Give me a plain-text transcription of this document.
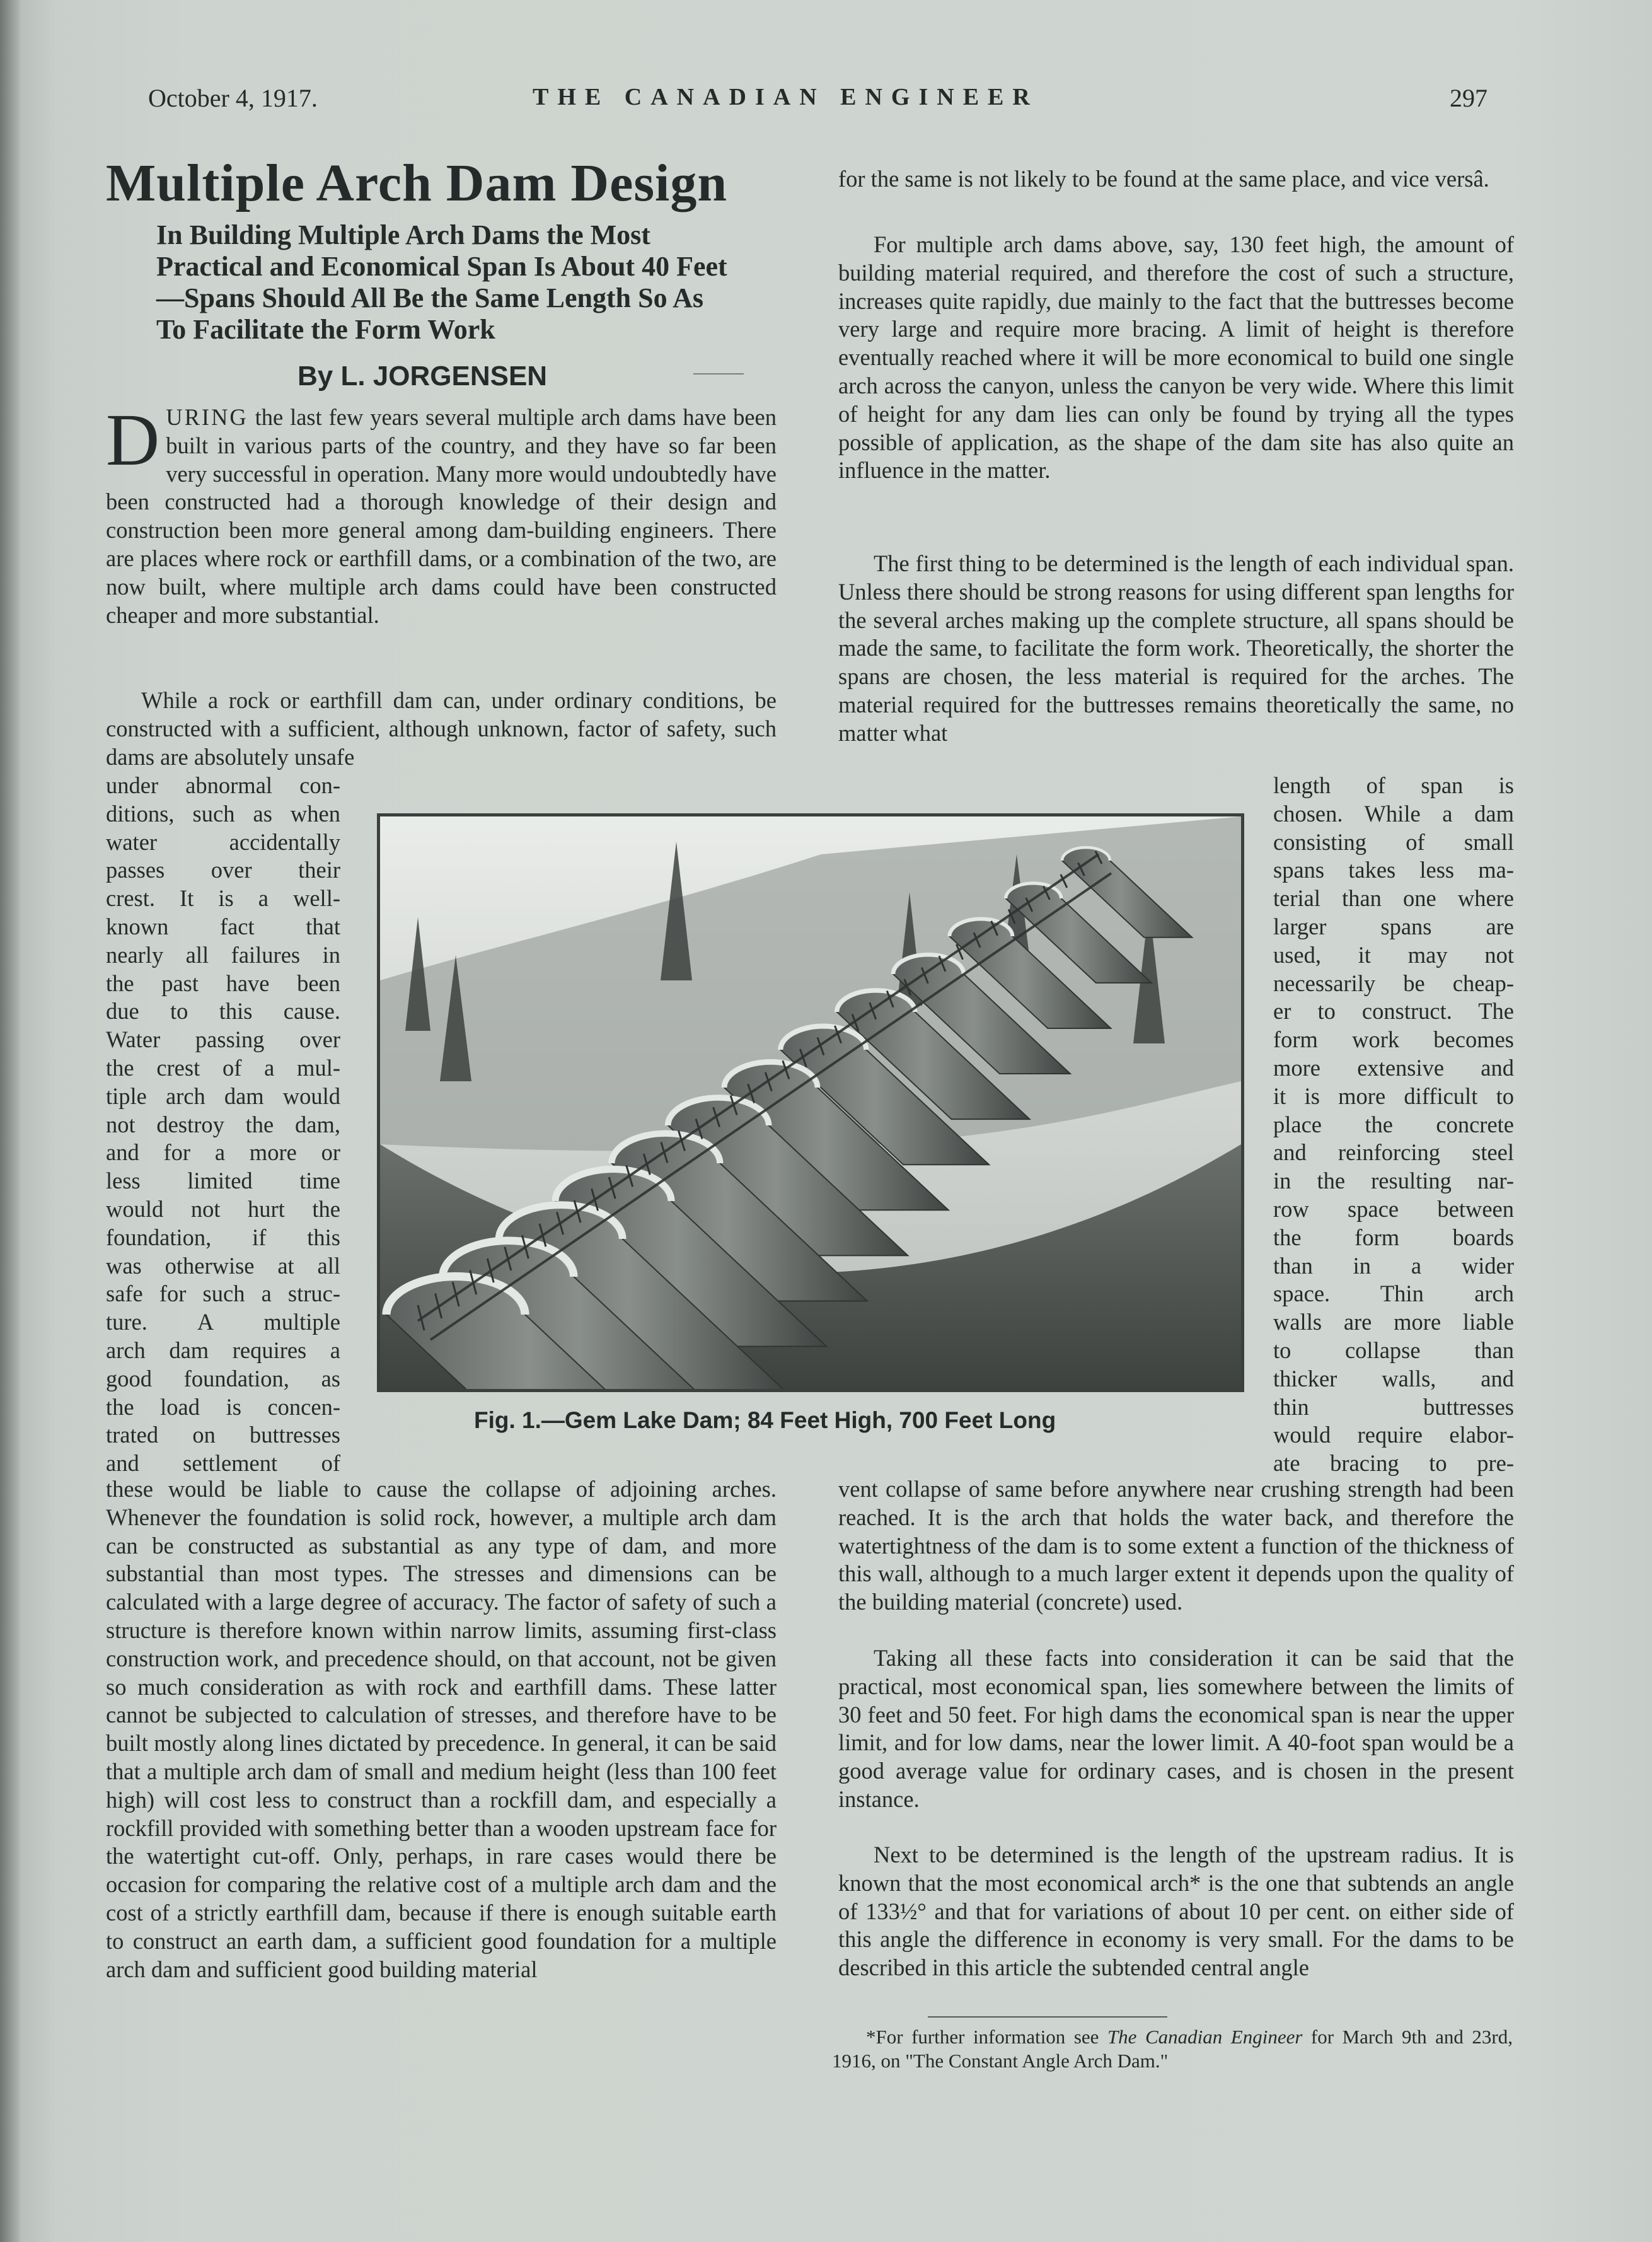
October 4, 1917.	THE CANADIAN ENGINEER	297
Multiple Arch Dam Design
In Building Multiple Arch Dams the Most Practical and Economical Span Is About 40 Feet—Spans Should All Be the Same Length So As To Facilitate the Form Work
By L. JORGENSEN

DURING the last few years several multiple arch dams have been built in various parts of the country, and they have so far been very successful in operation. Many more would undoubtedly have been constructed had a thorough knowledge of their design and construction been more general among dam-building engineers. There are places where rock or earthfill dams, or a combination of the two, are now built, where multiple arch dams could have been constructed cheaper and more substantial.

While a rock or earthfill dam can, under ordinary conditions, be constructed with a sufficient, although unknown, factor of safety, such dams are absolutely unsafe

under abnormal con-
ditions, such as when
water accidentally
passes over their
crest. It is a well-
known fact that
nearly all failures in
the past have been
due to this cause.
Water passing over
the crest of a mul-
tiple arch dam would
not destroy the dam,
and for a more or
less limited time
would not hurt the
foundation, if this
was otherwise at all
safe for such a struc-
ture. A multiple
arch dam requires a
good foundation, as
the load is concen-
trated on buttresses
and settlement of

these would be liable to cause the collapse of adjoining arches. Whenever the foundation is solid rock, however, a multiple arch dam can be constructed as substantial as any type of dam, and more substantial than most types. The stresses and dimensions can be calculated with a large degree of accuracy. The factor of safety of such a structure is therefore known within narrow limits, assuming first-class construction work, and precedence should, on that account, not be given so much consideration as with rock and earthfill dams. These latter cannot be subjected to calculation of stresses, and therefore have to be built mostly along lines dictated by precedence. In general, it can be said that a multiple arch dam of small and medium height (less than 100 feet high) will cost less to construct than a rockfill dam, and especially a rockfill provided with something better than a wooden upstream face for the watertight cut-off. Only, perhaps, in rare cases would there be occasion for comparing the relative cost of a multiple arch dam and the cost of a strictly earthfill dam, because if there is enough suitable earth to construct an earth dam, a sufficient good foundation for a multiple arch dam and sufficient good building material

for the same is not likely to be found at the same place, and vice versâ.

For multiple arch dams above, say, 130 feet high, the amount of building material required, and therefore the cost of such a structure, increases quite rapidly, due mainly to the fact that the buttresses become very large and require more bracing. A limit of height is therefore eventually reached where it will be more economical to build one single arch across the canyon, unless the canyon be very wide. Where this limit of height for any dam lies can only be found by trying all the types possible of application, as the shape of the dam site has also quite an influence in the matter.

The first thing to be determined is the length of each individual span. Unless there should be strong reasons for using different span lengths for the several arches making up the complete structure, all spans should be made the same, to facilitate the form work. Theoretically, the shorter the spans are chosen, the less material is required for the arches. The material required for the buttresses remains theoretically the same, no matter what

length of span is
chosen. While a dam
consisting of small
spans takes less ma-
terial than one where
larger spans are
used, it may not
necessarily be cheap-
er to construct. The
form work becomes
more extensive and
it is more difficult to
place the concrete
and reinforcing steel
in the resulting nar-
row space between
the form boards
than in a wider
space. Thin arch
walls are more liable
to collapse than
thicker walls, and
thin buttresses
would require elabor-
ate bracing to pre-

vent collapse of same before anywhere near crushing strength had been reached. It is the arch that holds the water back, and therefore the watertightness of the dam is to some extent a function of the thickness of this wall, although to a much larger extent it depends upon the quality of the building material (concrete) used.

Taking all these facts into consideration it can be said that the practical, most economical span, lies somewhere between the limits of 30 feet and 50 feet. For high dams the economical span is near the upper limit, and for low dams, near the lower limit. A 40-foot span would be a good average value for ordinary cases, and is chosen in the present instance.

Next to be determined is the length of the upstream radius. It is known that the most economical arch* is the one that subtends an angle of 133½° and that for variations of about 10 per cent. on either side of this angle the difference in economy is very small. For the dams to be described in this article the subtended central angle

*For further information see The Canadian Engineer for March 9th and 23rd, 1916, on "The Constant Angle Arch Dam."

Fig. 1.—Gem Lake Dam; 84 Feet High, 700 Feet Long
